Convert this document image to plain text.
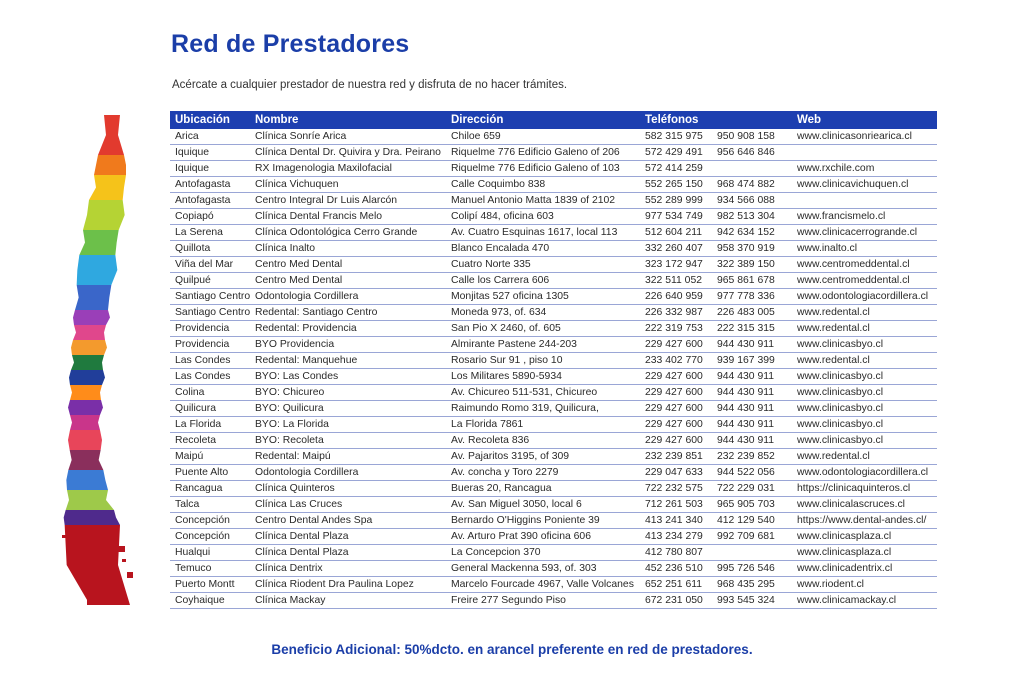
Red de Prestadores
Acércate a cualquier prestador de nuestra red y disfruta de no hacer trámites.
Ubicación	Nombre	Dirección	Teléfonos		Web
Arica	Clínica Sonríe Arica	Chiloe 659	582 315 975	950 908 158	www.clinicasonriearica.cl
Iquique	Clínica Dental Dr. Quivira y Dra. Peirano	Riquelme 776 Edificio Galeno of 206	572 429 491	956 646 846	
Iquique	RX Imagenologia Maxilofacial	Riquelme 776 Edificio Galeno of 103	572 414 259		www.rxchile.com
Antofagasta	Clínica Vichuquen	Calle Coquimbo 838	552 265 150	968 474 882	www.clinicavichuquen.cl
Antofagasta	Centro Integral Dr Luis Alarcón	Manuel Antonio Matta 1839 of 2102	552 289 999	934 566 088	
Copiapó	Clínica Dental Francis Melo	Colipí 484, oficina 603	977 534 749	982 513 304	www.francismelo.cl
La Serena	Clínica Odontológica Cerro Grande	Av. Cuatro Esquinas 1617, local 113	512 604 211	942 634 152	www.clinicacerrogrande.cl
Quillota	Clínica Inalto	Blanco Encalada 470	332 260 407	958 370 919	www.inalto.cl
Viña del Mar	Centro Med Dental	Cuatro Norte 335	323 172 947	322 389 150	www.centromeddental.cl
Quilpué	Centro Med Dental	Calle los Carrera 606	322 511 052	965 861 678	www.centromeddental.cl
Santiago Centro	Odontologia Cordillera	Monjitas 527 oficina 1305	226 640 959	977 778 336	www.odontologiacordillera.cl
Santiago Centro	Redental: Santiago Centro	Moneda 973, of. 634	226 332 987	226 483 005	www.redental.cl
Providencia	Redental: Providencia	San Pio X 2460, of. 605	222 319 753	222 315 315	www.redental.cl
Providencia	BYO Providencia	Almirante Pastene 244-203	229 427 600	944 430 911	www.clinicasbyo.cl
Las Condes	Redental: Manquehue	Rosario Sur 91 , piso 10	233 402 770	939 167 399	www.redental.cl
Las Condes	BYO: Las Condes	Los Militares 5890-5934	229 427 600	944 430 911	www.clinicasbyo.cl
Colina	BYO: Chicureo	Av. Chicureo 511-531, Chicureo	229 427 600	944 430 911	www.clinicasbyo.cl
Quilicura	BYO: Quilicura	Raimundo Romo 319, Quilicura,	229 427 600	944 430 911	www.clinicasbyo.cl
La Florida	BYO: La Florida	La Florida 7861	229 427 600	944 430 911	www.clinicasbyo.cl
Recoleta	BYO: Recoleta	Av. Recoleta 836	229 427 600	944 430 911	www.clinicasbyo.cl
Maipú	Redental: Maipú	Av. Pajaritos 3195, of 309	232 239 851	232 239 852	www.redental.cl
Puente Alto	Odontologia Cordillera	Av. concha y Toro 2279	229 047 633	944 522 056	www.odontologiacordillera.cl
Rancagua	Clínica Quinteros	Bueras 20, Rancagua	722 232 575	722 229 031	https://clinicaquinteros.cl
Talca	Clínica Las Cruces	Av. San Miguel 3050, local 6	712 261 503	965 905 703	www.clinicalascruces.cl
Concepción	Centro Dental Andes Spa	Bernardo O'Higgins Poniente 39	413 241 340	412 129 540	https://www.dental-andes.cl/
Concepción	Clínica Dental Plaza	Av. Arturo Prat 390 oficina 606	413 234 279	992 709 681	www.clinicasplaza.cl
Hualqui	Clínica Dental Plaza	La Concepcion 370	412 780 807		www.clinicasplaza.cl
Temuco	Clínica Dentrix	General Mackenna 593, of. 303	452 236 510	995 726 546	www.clinicadentrix.cl
Puerto Montt	Clínica Riodent Dra Paulina Lopez	Marcelo Fourcade 4967, Valle Volcanes	652 251 611	968 435 295	www.riodent.cl
Coyhaique	Clínica Mackay	Freire 277 Segundo Piso	672 231 050	993 545 324	www.clinicamackay.cl
Beneficio Adicional: 50%dcto. en arancel preferente en red de prestadores.
